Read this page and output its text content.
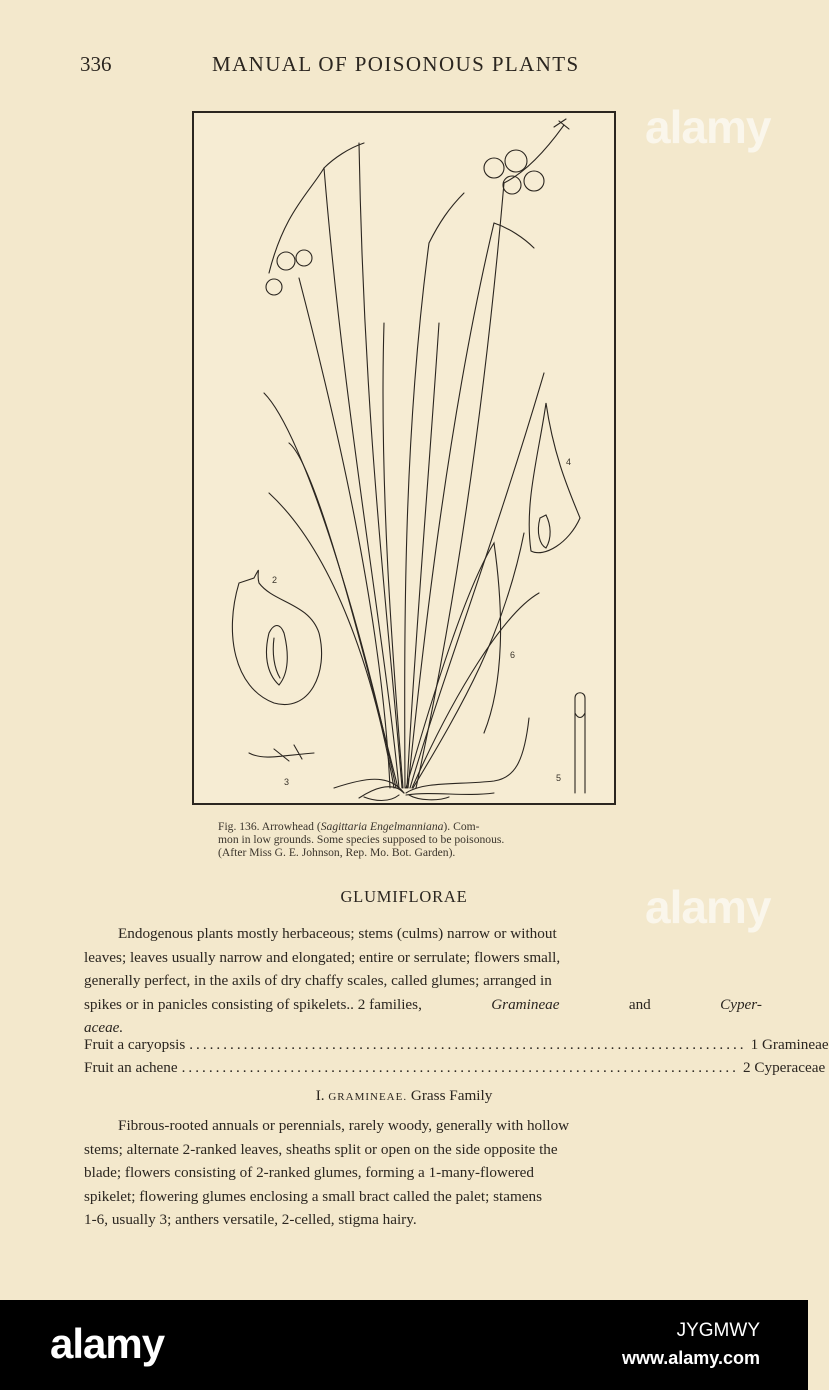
336	MANUAL OF POISONOUS PLANTS
2
3
4
5
6
Fig. 136. Arrowhead (Sagittaria Engelmanniana). Com-
mon in low grounds. Some species supposed to be poisonous.
(After Miss G. E. Johnson, Rep. Mo. Bot. Garden).
GLUMIFLORAE
Endogenous plants mostly herbaceous; stems (culms) narrow or without
leaves; leaves usually narrow and elongated; entire or serrulate; flowers small,
generally perfect, in the axils of dry chaffy scales, called glumes; arranged in
spikes or in panicles consisting of spikelets.. 2 families,	Gramineae	and	Cyper-
aceae.
Fruit a caryopsis .................................................................................. 1 Gramineae
Fruit an achene .................................................................................. 2 Cyperaceae
I. GRAMINEAE. Grass Family
Fibrous-rooted annuals or perennials, rarely woody, generally with hollow
stems; alternate 2-ranked leaves, sheaths split or open on the side opposite the
blade; flowers consisting of 2-ranked glumes, forming a 1-many-flowered
spikelet; flowering glumes enclosing a small bract called the palet; stamens
1-6, usually 3; anthers versatile, 2-celled, stigma hairy.
alamy
alamy
alamy	JYGMWY
www.alamy.com
